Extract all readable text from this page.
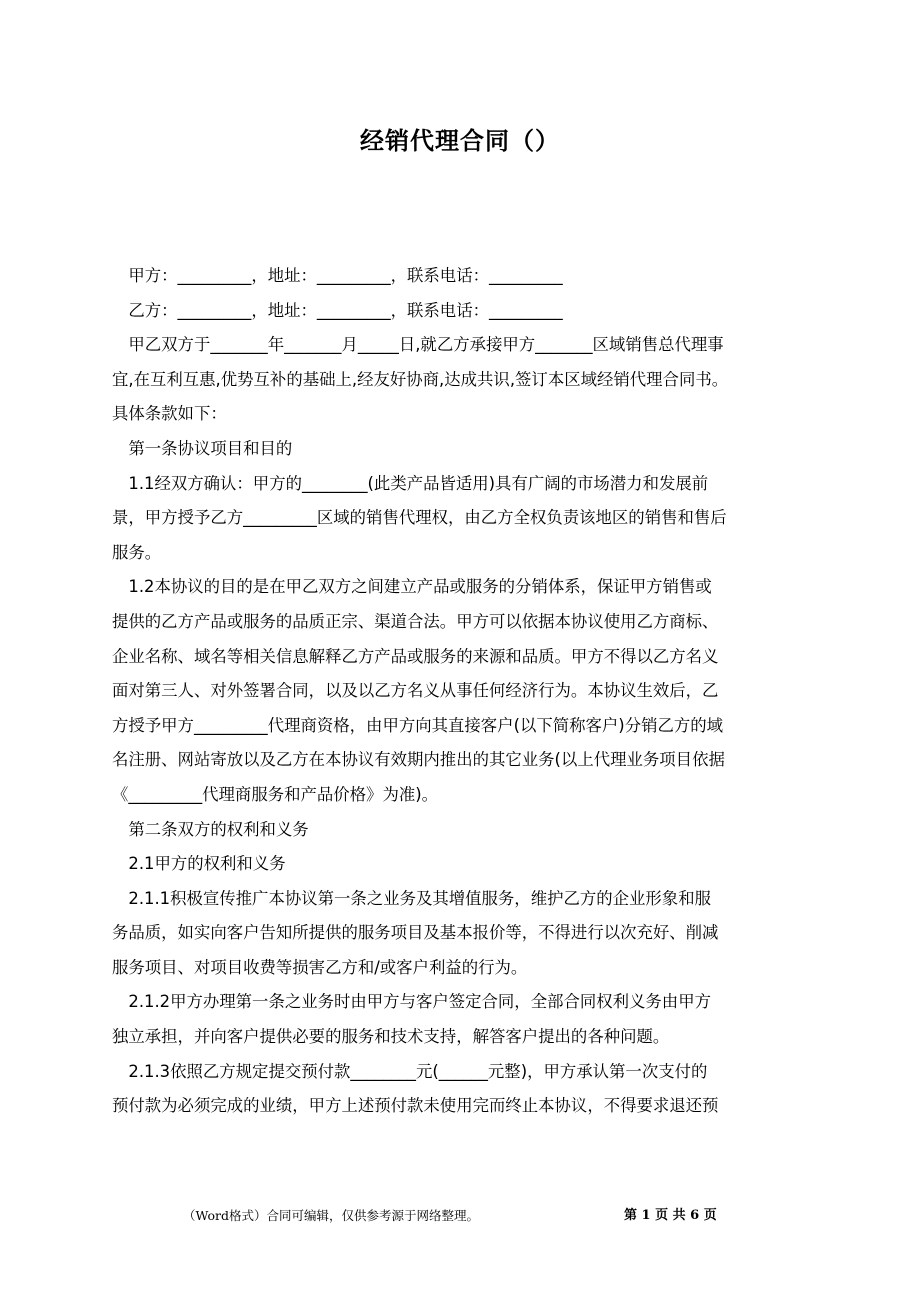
经销代理合同（）
　甲方：_________，地址：_________，联系电话：_________
　乙方：_________，地址：_________，联系电话：_________
　甲乙双方于_______年_______月_____日,就乙方承接甲方_______区域销售总代理事
宜,在互利互惠,优势互补的基础上,经友好协商,达成共识,签订本区域经销代理合同书。
具体条款如下：
　第一条协议项目和目的
　1.1经双方确认：甲方的________(此类产品皆适用)具有广阔的市场潜力和发展前
景，甲方授予乙方_________区域的销售代理权，由乙方全权负责该地区的销售和售后
服务。
　1.2本协议的目的是在甲乙双方之间建立产品或服务的分销体系，保证甲方销售或
提供的乙方产品或服务的品质正宗、渠道合法。甲方可以依据本协议使用乙方商标、
企业名称、域名等相关信息解释乙方产品或服务的来源和品质。甲方不得以乙方名义
面对第三人、对外签署合同，以及以乙方名义从事任何经济行为。本协议生效后，乙
方授予甲方_________代理商资格，由甲方向其直接客户(以下简称客户)分销乙方的域
名注册、网站寄放以及乙方在本协议有效期内推出的其它业务(以上代理业务项目依据
《_________代理商服务和产品价格》为准)。
　第二条双方的权利和义务
　2.1甲方的权利和义务
　2.1.1积极宣传推广本协议第一条之业务及其增值服务，维护乙方的企业形象和服
务品质，如实向客户告知所提供的服务项目及基本报价等，不得进行以次充好、削减
服务项目、对项目收费等损害乙方和/或客户利益的行为。
　2.1.2甲方办理第一条之业务时由甲方与客户签定合同，全部合同权利义务由甲方
独立承担，并向客户提供必要的服务和技术支持，解答客户提出的各种问题。
　2.1.3依照乙方规定提交预付款________元(______元整)，甲方承认第一次支付的
预付款为必须完成的业绩，甲方上述预付款未使用完而终止本协议，不得要求退还预
（Word格式）合同可编辑，仅供参考源于网络整理。	第 1 页 共 6 页
